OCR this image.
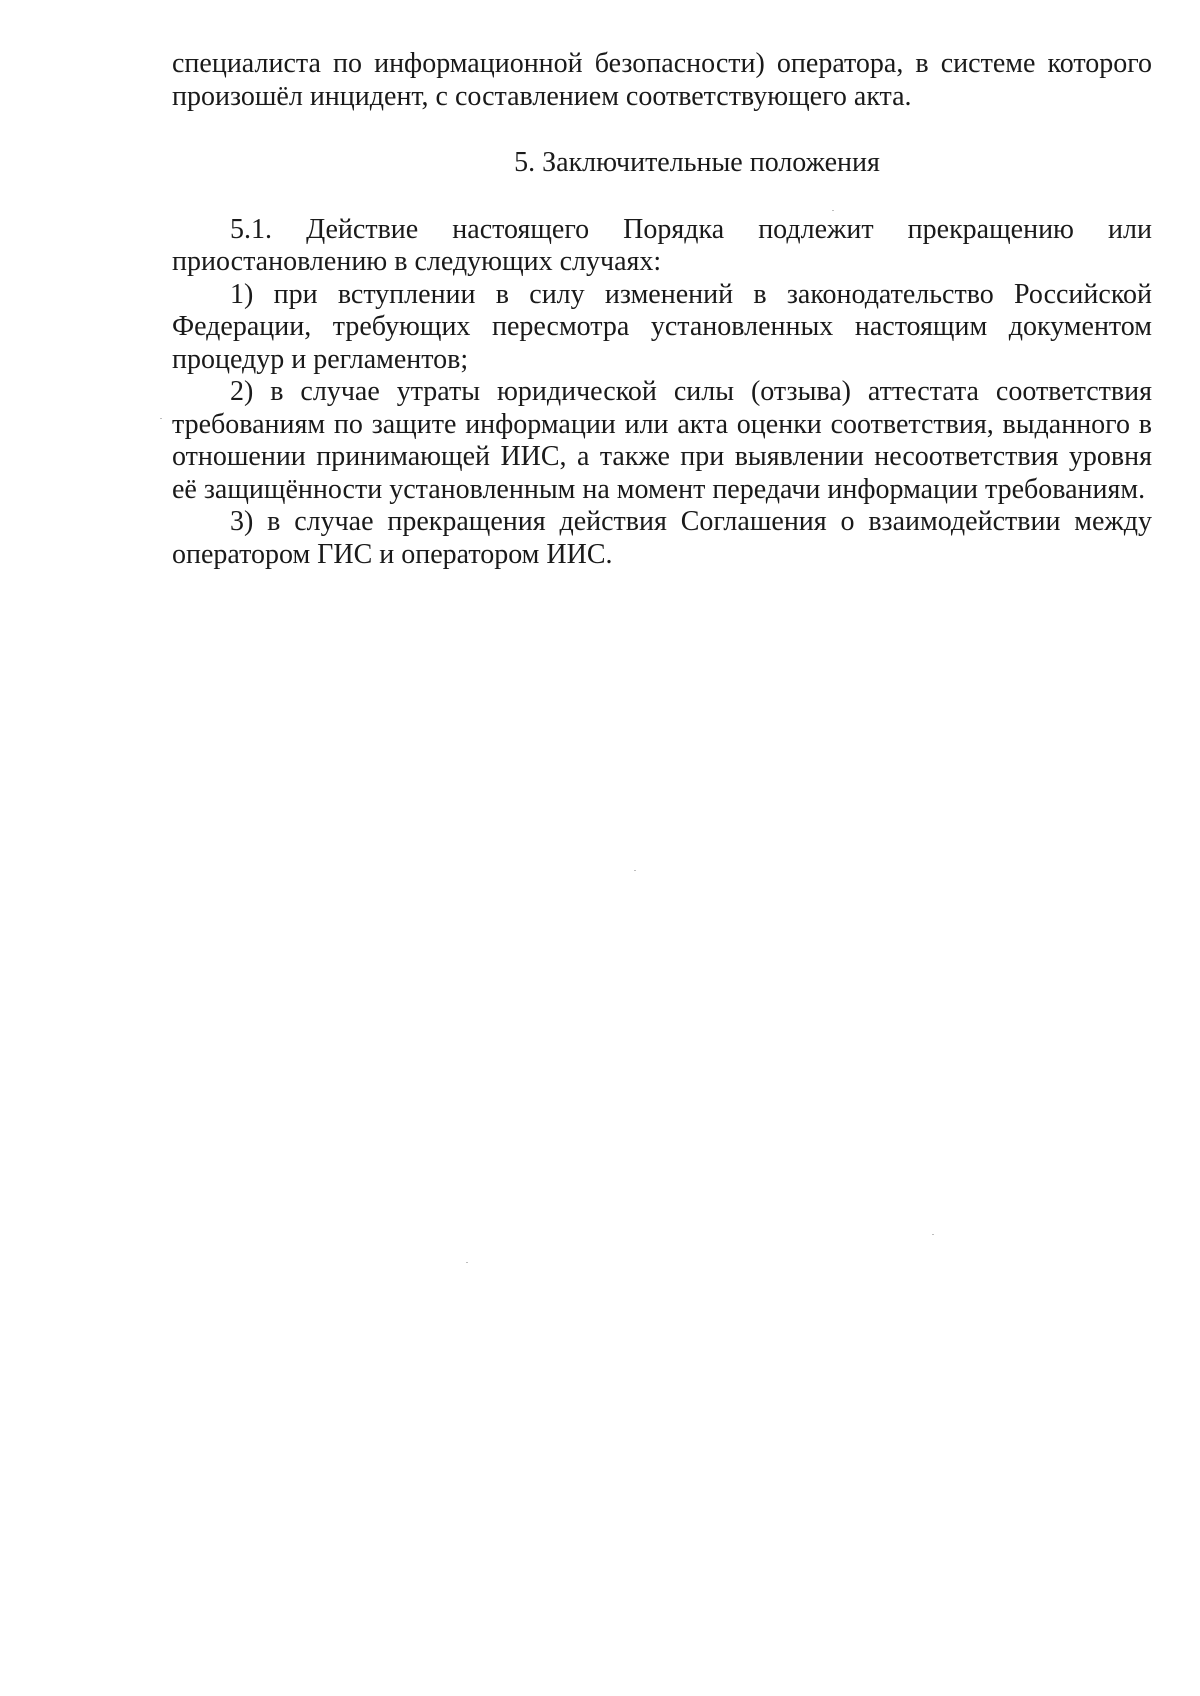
специалиста по информационной безопасности) оператора, в системе которого произошёл инцидент, с составлением соответствующего акта.

5. Заключительные положения

5.1. Действие настоящего Порядка подлежит прекращению или приостановлению в следующих случаях:

1) при вступлении в силу изменений в законодательство Российской Федерации, требующих пересмотра установленных настоящим документом процедур и регламентов;

2) в случае утраты юридической силы (отзыва) аттестата соответствия требованиям по защите информации или акта оценки соответствия, выданного в отношении принимающей ИИС, а также при выявлении несоответствия уровня её защищённости установленным на момент передачи информации требованиям.

3) в случае прекращения действия Соглашения о взаимодействии между оператором ГИС и оператором ИИС.
